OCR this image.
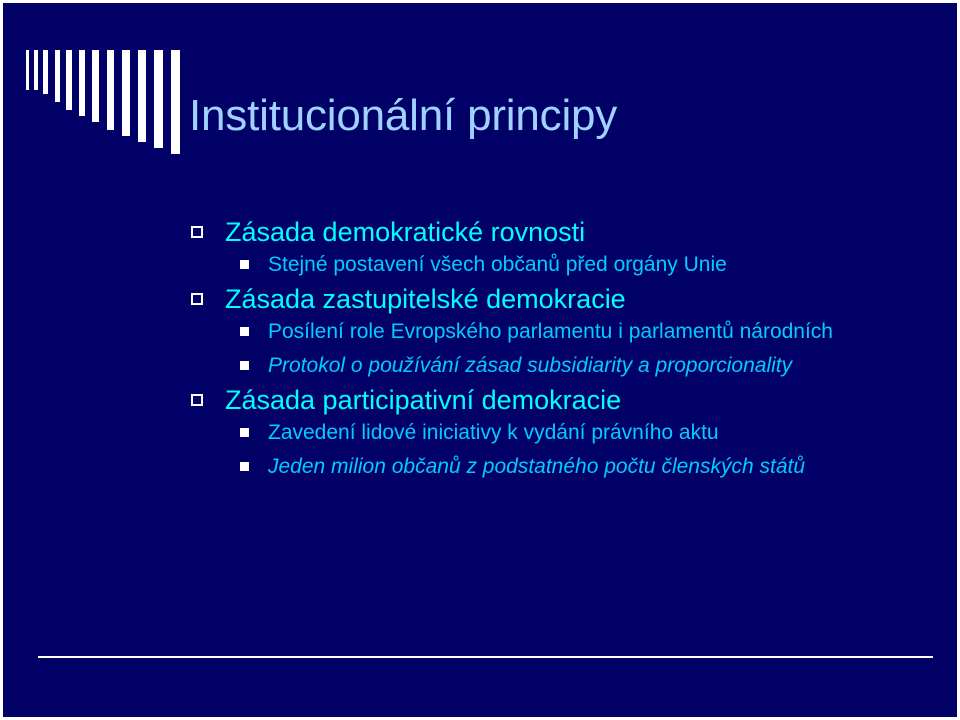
Institucionální principy
Zásada demokratické rovnosti
Stejné postavení všech občanů před orgány Unie
Zásada zastupitelské demokracie
Posílení role Evropského parlamentu i parlamentů národních
Protokol o používání zásad subsidiarity a proporcionality
Zásada participativní demokracie
Zavedení lidové iniciativy k vydání právního aktu
Jeden milion občanů z podstatného počtu členských států
